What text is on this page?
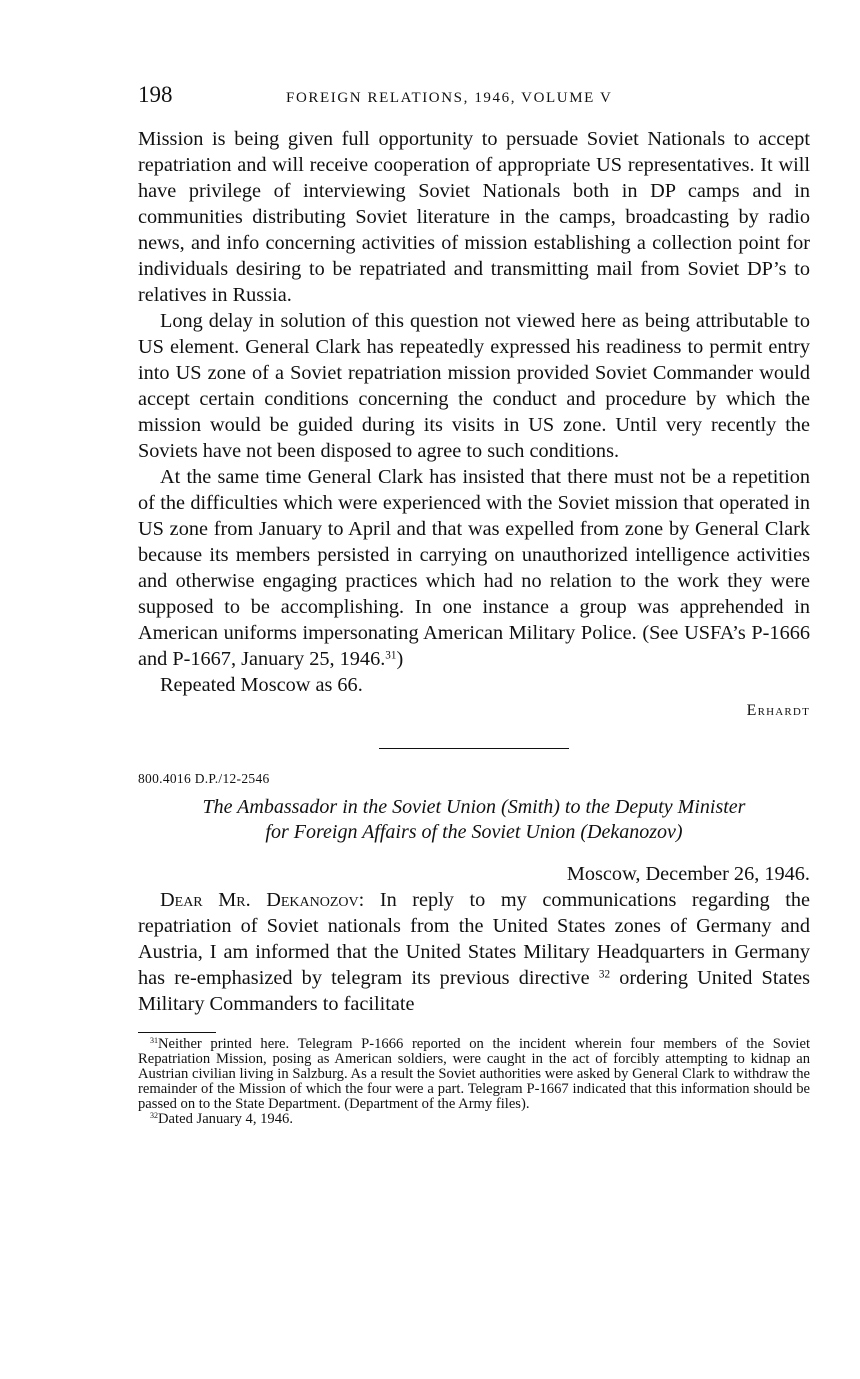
198	FOREIGN RELATIONS, 1946, VOLUME V

Mission is being given full opportunity to persuade Soviet Nationals to accept repatriation and will receive cooperation of appropriate US representatives. It will have privilege of interviewing Soviet Nationals both in DP camps and in communities distributing Soviet literature in the camps, broadcasting by radio news, and info concerning activities of mission establishing a collection point for individuals desiring to be repatriated and transmitting mail from Soviet DP’s to relatives in Russia.

Long delay in solution of this question not viewed here as being attributable to US element. General Clark has repeatedly expressed his readiness to permit entry into US zone of a Soviet repatriation mission provided Soviet Commander would accept certain conditions concerning the conduct and procedure by which the mission would be guided during its visits in US zone. Until very recently the Soviets have not been disposed to agree to such conditions.

At the same time General Clark has insisted that there must not be a repetition of the difficulties which were experienced with the Soviet mission that operated in US zone from January to April and that was expelled from zone by General Clark because its members persisted in carrying on unauthorized intelligence activities and otherwise engaging practices which had no relation to the work they were supposed to be accomplishing. In one instance a group was apprehended in American uniforms impersonating American Military Police. (See USFA’s P-1666 and P-1667, January 25, 1946.31)

Repeated Moscow as 66.

Erhardt
800.4016 D.P./12-2546
The Ambassador in the Soviet Union (Smith) to the Deputy Minister
for Foreign Affairs of the Soviet Union (Dekanozov)
Moscow, December 26, 1946.

Dear Mr. Dekanozov: In reply to my communications regarding the repatriation of Soviet nationals from the United States zones of Germany and Austria, I am informed that the United States Military Headquarters in Germany has re-emphasized by telegram its previous directive $^{32}$ ordering United States Military Commanders to facilitate

$^{31}$Neither printed here. Telegram P-1666 reported on the incident wherein four members of the Soviet Repatriation Mission, posing as American soldiers, were caught in the act of forcibly attempting to kidnap an Austrian civilian living in Salzburg. As a result the Soviet authorities were asked by General Clark to withdraw the remainder of the Mission of which the four were a part. Telegram P-1667 indicated that this information should be passed on to the State Department. (Department of the Army files).

$^{32}$Dated January 4, 1946.
